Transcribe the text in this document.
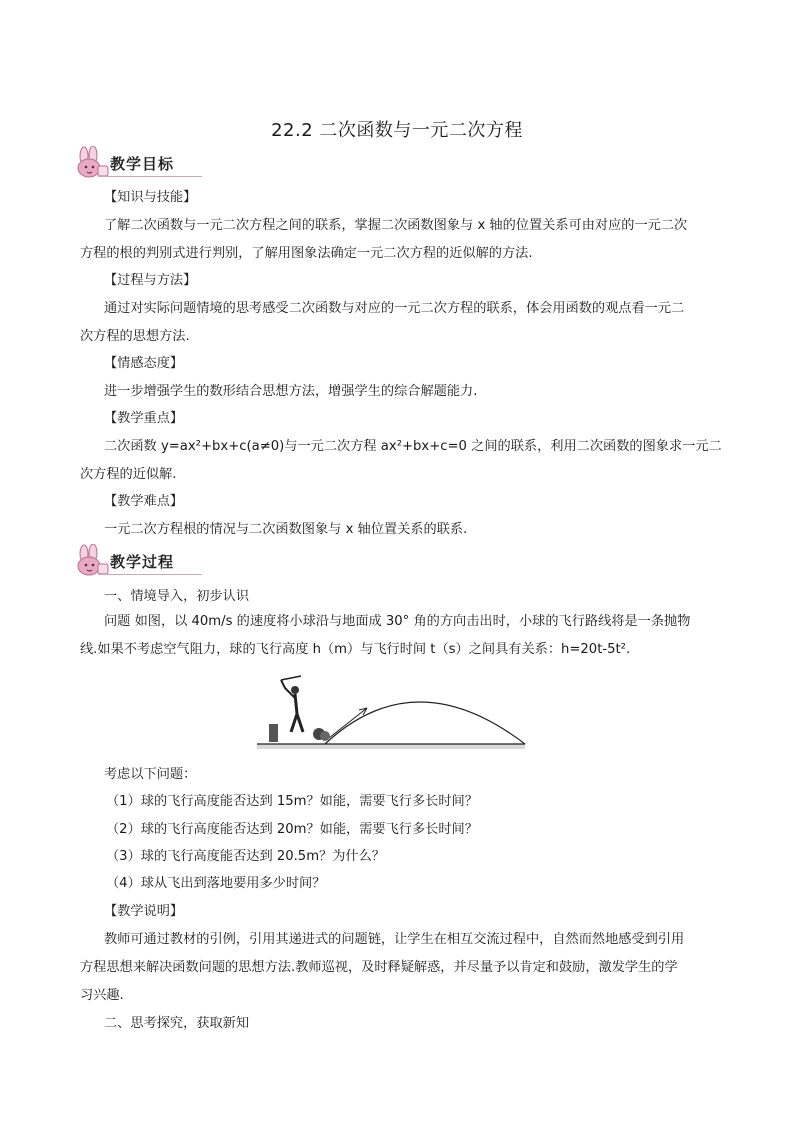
22.2 二次函数与一元二次方程
教学目标
【知识与技能】
了解二次函数与一元二次方程之间的联系，掌握二次函数图象与 x 轴的位置关系可由对应的一元二次
方程的根的判别式进行判别，了解用图象法确定一元二次方程的近似解的方法.
【过程与方法】
通过对实际问题情境的思考感受二次函数与对应的一元二次方程的联系，体会用函数的观点看一元二
次方程的思想方法.
【情感态度】
进一步增强学生的数形结合思想方法，增强学生的综合解题能力.
【教学重点】
二次函数 y=ax²+bx+c(a≠0)与一元二次方程 ax²+bx+c=0 之间的联系，利用二次函数的图象求一元二
次方程的近似解.
【教学难点】
一元二次方程根的情况与二次函数图象与 x 轴位置关系的联系.
教学过程
一、情境导入，初步认识
问题 如图，以 40m/s 的速度将小球沿与地面成 30° 角的方向击出时，小球的飞行路线将是一条抛物
线.如果不考虑空气阻力，球的飞行高度 h（m）与飞行时间 t（s）之间具有关系：h=20t-5t².
考虑以下问题：
（1）球的飞行高度能否达到 15m？如能，需要飞行多长时间？
（2）球的飞行高度能否达到 20m？如能，需要飞行多长时间？
（3）球的飞行高度能否达到 20.5m？为什么？
（4）球从飞出到落地要用多少时间？
【教学说明】
教师可通过教材的引例，引用其递进式的问题链，让学生在相互交流过程中，自然而然地感受到引用
方程思想来解决函数问题的思想方法.教师巡视，及时释疑解惑，并尽量予以肯定和鼓励，激发学生的学
习兴趣.
二、思考探究，获取新知
